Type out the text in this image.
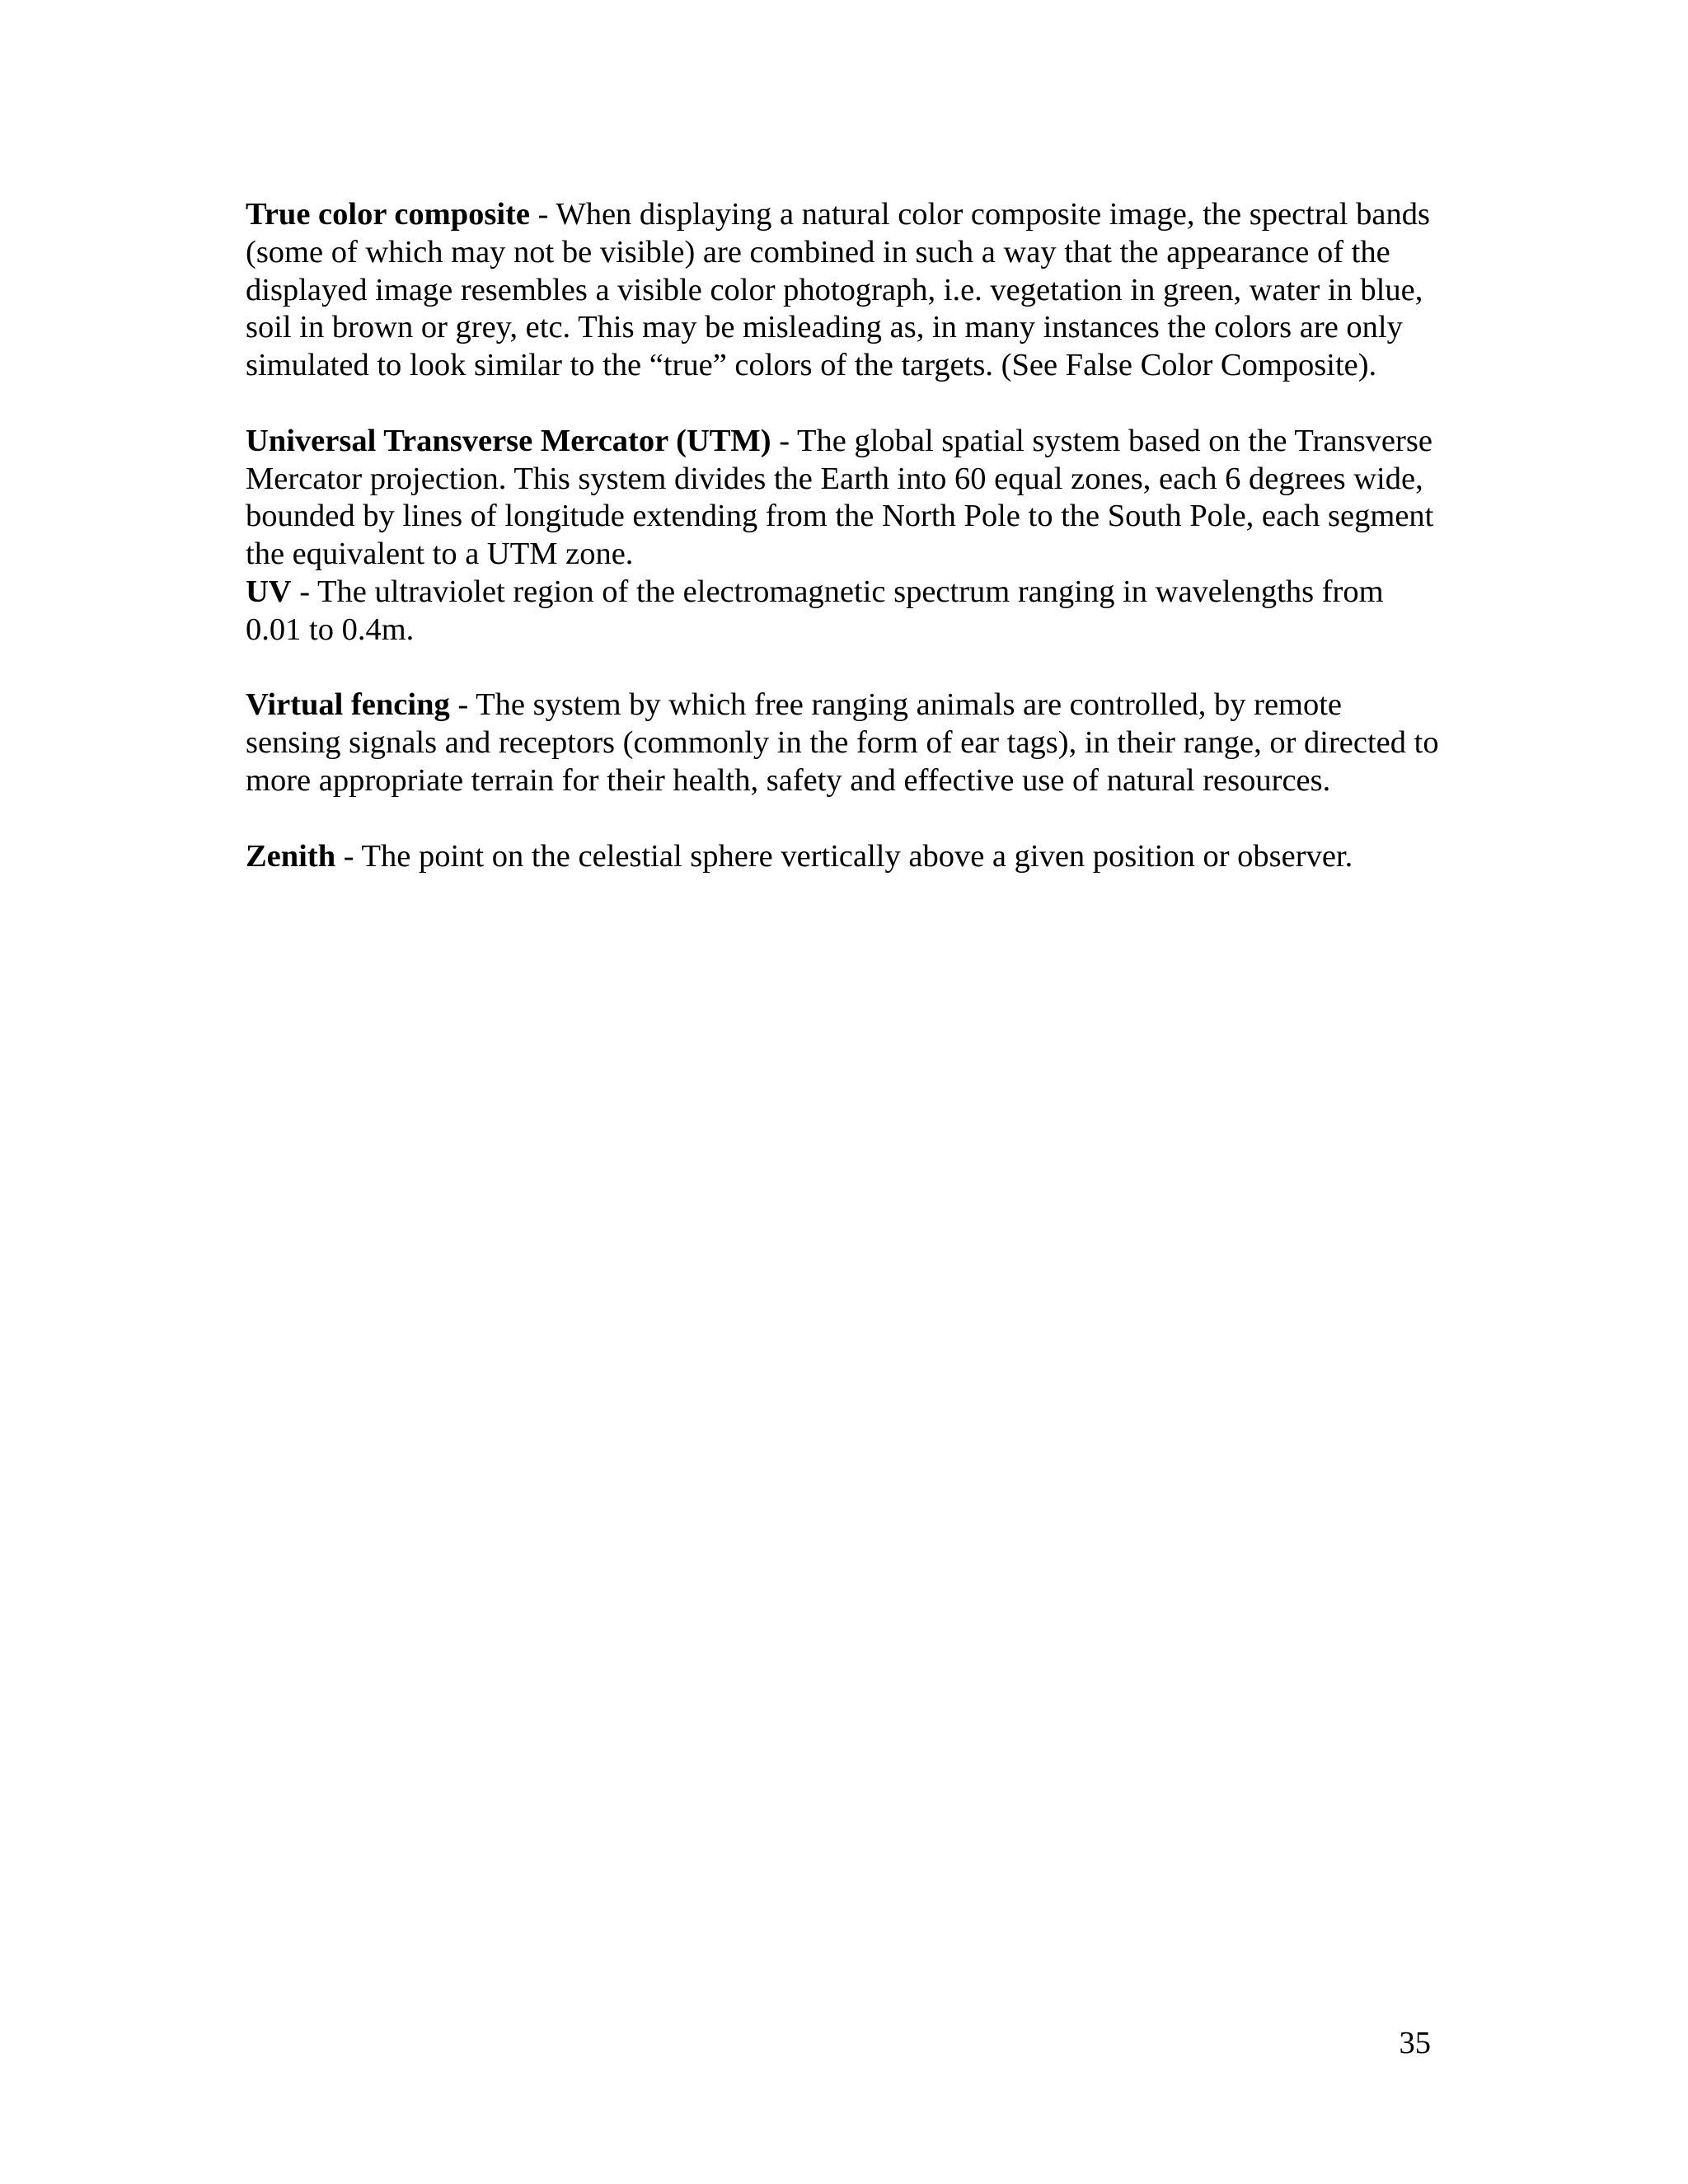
True color composite - When displaying a natural color composite image, the spectral bands (some of which may not be visible) are combined in such a way that the appearance of the displayed image resembles a visible color photograph, i.e. vegetation in green, water in blue, soil in brown or grey, etc. This may be misleading as, in many instances the colors are only simulated to look similar to the “true” colors of the targets. (See False Color Composite).

Universal Transverse Mercator (UTM) - The global spatial system based on the Transverse Mercator projection. This system divides the Earth into 60 equal zones, each 6 degrees wide, bounded by lines of longitude extending from the North Pole to the South Pole, each segment the equivalent to a UTM zone.

UV - The ultraviolet region of the electromagnetic spectrum ranging in wavelengths from 0.01 to 0.4m.

Virtual fencing - The system by which free ranging animals are controlled, by remote sensing signals and receptors (commonly in the form of ear tags), in their range, or directed to more appropriate terrain for their health, safety and effective use of natural resources.

Zenith - The point on the celestial sphere vertically above a given position or observer.

35
